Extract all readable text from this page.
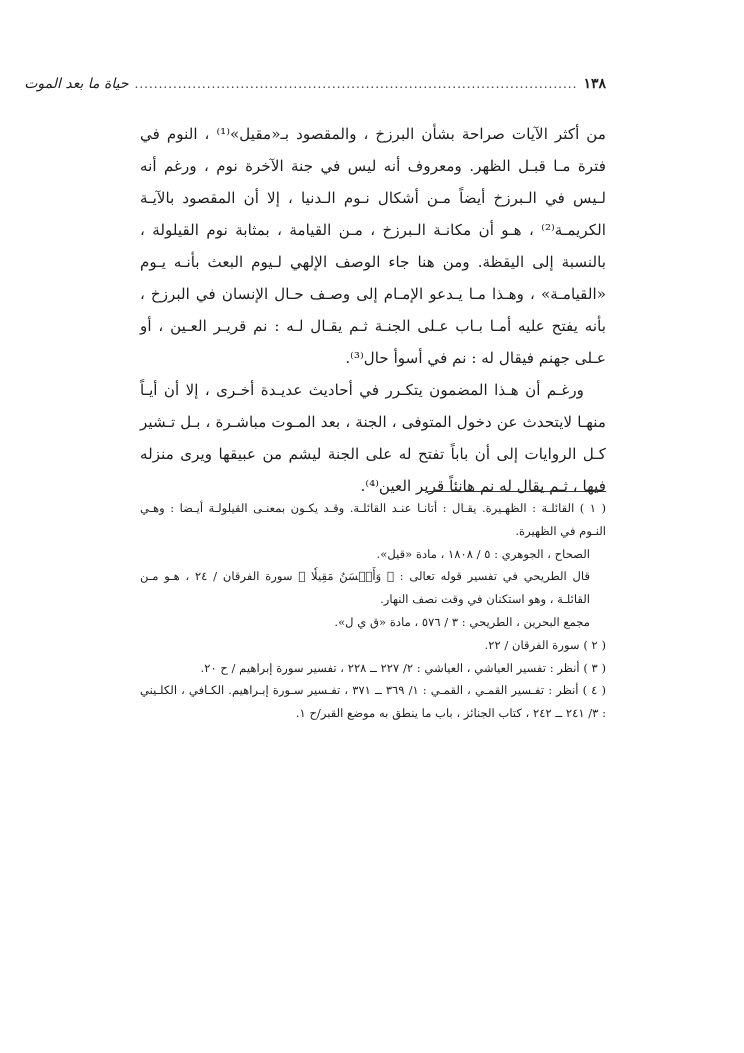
١٣٨
............................................................................................
حياة ما بعد الموت

من أكثر الآيات صراحة بشأن البرزخ ، والمقصود بـ«مقيل»⁽¹⁾ ، النوم في فترة مـا قبـل الظهر. ومعروف أنه ليس في جنة الآخرة نوم ، ورغم أنه لـيس في الـبرزخ أيضاً مـن أشكال نـوم الـدنيا ، إلا أن المقصود بالآيـة الكريمـة⁽²⁾ ، هـو أن مكانـة الـبرزخ ، مـن القيامة ، بمثابة نوم القيلولة ، بالنسبة إلى اليقظة. ومن هنا جاء الوصف الإلهي لـيوم البعث بأنـه يـوم «القيامـة» ، وهـذا مـا يـدعو الإمـام إلى وصـف حـال الإنسان في البرزخ ، بأنه يفتح عليه أمـا بـاب عـلى الجنـة ثـم يقـال لـه : نم قريـر العـين ، أو عـلى جهنم فيقال له : نم في أسوأ حال⁽³⁾.

ورغـم أن هـذا المضمون يتكـرر في أحاديث عديـدة أخـرى ، إلا أن أيـاً منهـا لايتحدث عن دخول المتوفى ، الجنة ، بعد المـوت مباشـرة ، بـل تـشير كـل الروايات إلى أن باباً تفتح له على الجنة ليشم من عبيقها ويرى منزله فيها ، ثـم يقال له نم هانئاً قرير العين⁽⁴⁾.

( ١ ) القائلـة : الظهـيرة. يقـال : أتانـا عنـد القائلـة. وقـد يكـون بمعنـى القيلولـة أيـضا : وهـي النـوم في الظهيرة.

الصحاح ، الجوهري : ٥ / ١٨٠٨ ، مادة «قيل».

قال الطريحي في تفسير قوله تعالى : ﴿ وَأَحۡسَنُ مَقِيلٗا ﴾ سورة الفرقان / ٢٤ ، هـو مـن القائلـة ، وهو استكنان في وقت نصف النهار.

مجمع البحرين ، الطريحي : ٣ / ٥٧٦ ، مادة «ق ي ل».

( ٢ ) سورة الفرقان / ٢٢.

( ٣ ) أنظر : تفسير العياشي ، العياشي : ٢/ ٢٢٧ ــ ٢٢٨ ، تفسير سورة إبراهيم / ح ٢٠.

( ٤ ) أنظر : تفـسير القمـي ، القمـي : ١/ ٣٦٩ ــ ٣٧١ ، تفـسير سـورة إبـراهيم. الكـافي ، الكلـيني : ٣/ ٢٤١ ــ ٢٤٢ ، كتاب الجنائز ، باب ما ينطق به موضع القبر/ح ١.
